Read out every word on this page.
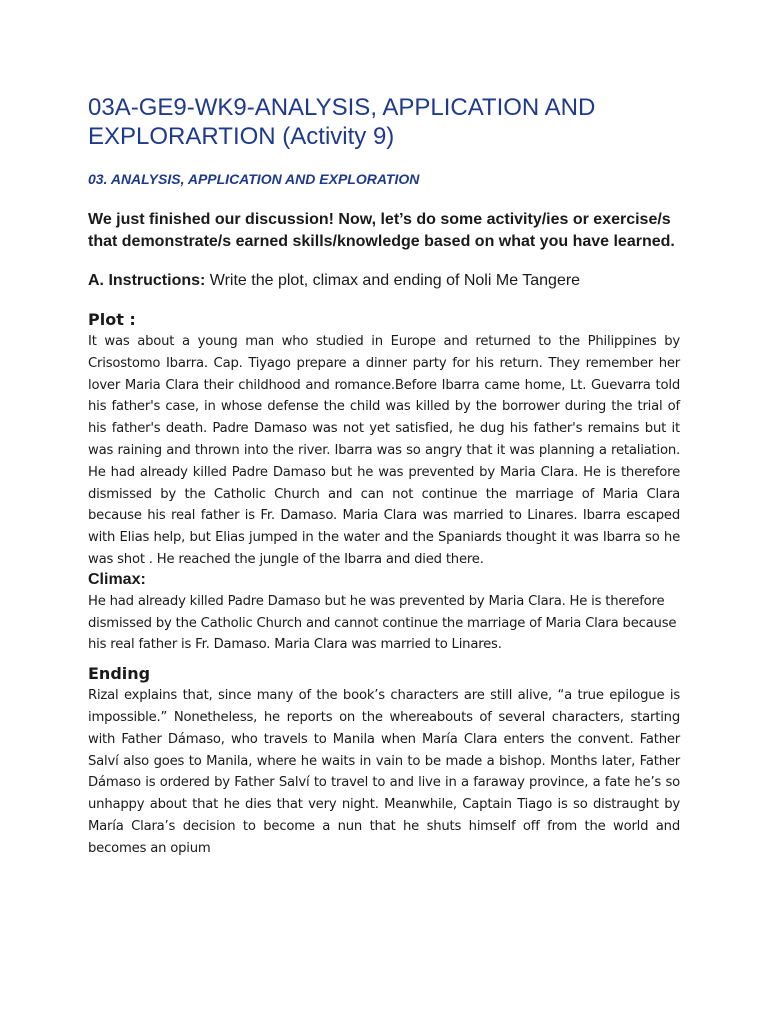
03A-GE9-WK9-ANALYSIS, APPLICATION AND EXPLORARTION (Activity 9)

03. ANALYSIS, APPLICATION AND EXPLORATION

We just finished our discussion! Now, let’s do some activity/ies or exercise/s that demonstrate/s earned skills/knowledge based on what you have learned.

A. Instructions: Write the plot, climax and ending of Noli Me Tangere

Plot :

It was about a young man who studied in Europe and returned to the Philippines by Crisostomo Ibarra. Cap. Tiyago prepare a dinner party for his return. They remember her lover Maria Clara their childhood and romance.Before Ibarra came home, Lt. Guevarra told his father's case, in whose defense the child was killed by the borrower during the trial of his father's death. Padre Damaso was not yet satisfied, he dug his father's remains but it was raining and thrown into the river. Ibarra was so angry that it was planning a retaliation. He had already killed Padre Damaso but he was prevented by Maria Clara. He is therefore dismissed by the Catholic Church and can not continue the marriage of Maria Clara because his real father is Fr. Damaso. Maria Clara was married to Linares. Ibarra escaped with Elias help, but Elias jumped in the water and the Spaniards thought it was Ibarra so he was shot . He reached the jungle of the Ibarra and died there.

Climax:

He had already killed Padre Damaso but he was prevented by Maria Clara. He is therefore dismissed by the Catholic Church and cannot continue the marriage of Maria Clara because his real father is Fr. Damaso. Maria Clara was married to Linares.

Ending

Rizal explains that, since many of the book’s characters are still alive, “a true epilogue is impossible.” Nonetheless, he reports on the whereabouts of several characters, starting with Father Dámaso, who travels to Manila when María Clara enters the convent. Father Salví also goes to Manila, where he waits in vain to be made a bishop. Months later, Father Dámaso is ordered by Father Salví to travel to and live in a faraway province, a fate he’s so unhappy about that he dies that very night. Meanwhile, Captain Tiago is so distraught by María Clara’s decision to become a nun that he shuts himself off from the world and becomes an opium
